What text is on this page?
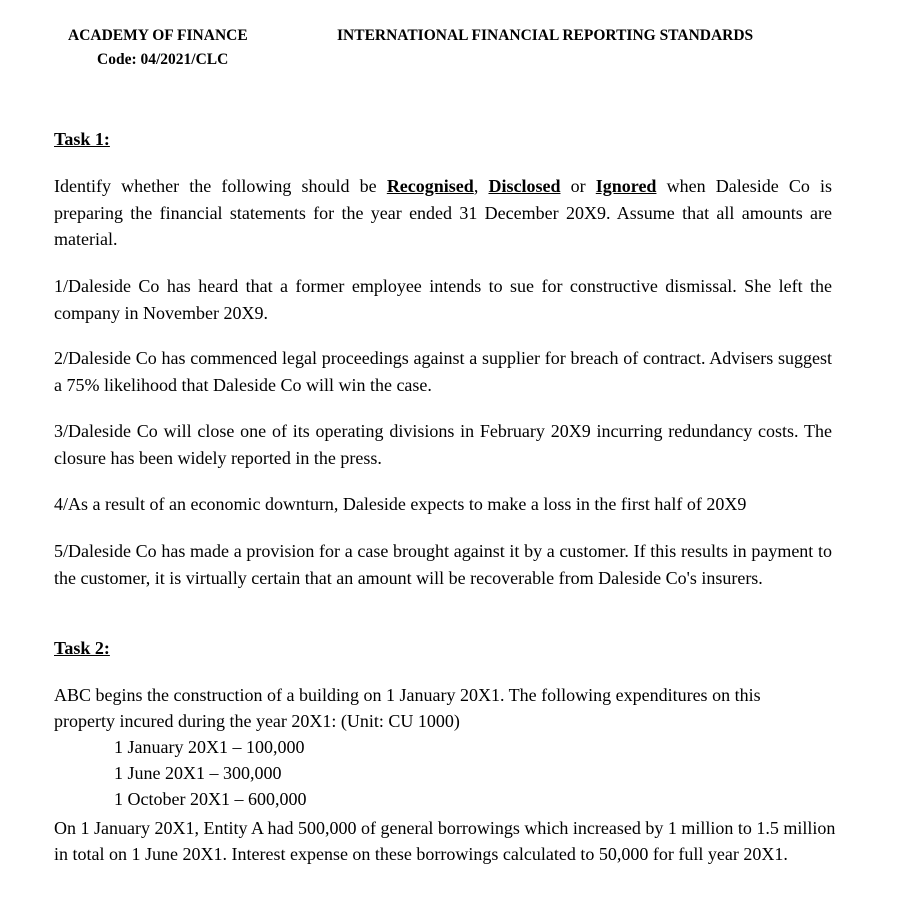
ACADEMY OF FINANCE
Code: 04/2021/CLC
INTERNATIONAL FINANCIAL REPORTING STANDARDS
Task 1:
Identify whether the following should be Recognised, Disclosed or Ignored when Daleside Co is preparing the financial statements for the year ended 31 December 20X9. Assume that all amounts are material.
1/Daleside Co has heard that a former employee intends to sue for constructive dismissal. She left the company in November 20X9.
2/Daleside Co has commenced legal proceedings against a supplier for breach of contract. Advisers suggest a 75% likelihood that Daleside Co will win the case.
3/Daleside Co will close one of its operating divisions in February 20X9 incurring redundancy costs. The closure has been widely reported in the press.
4/As a result of an economic downturn, Daleside expects to make a loss in the first half of 20X9
5/Daleside Co has made a provision for a case brought against it by a customer. If this results in payment to the customer, it is virtually certain that an amount will be recoverable from Daleside Co's insurers.
Task 2:
ABC begins the construction of a building on 1 January 20X1. The following expenditures on this property incured during the year 20X1: (Unit: CU 1000)
1 January 20X1 – 100,000
1 June 20X1 – 300,000
1 October 20X1 – 600,000
On 1 January 20X1, Entity A had 500,000 of general borrowings which increased by 1 million to 1.5 million in total on 1 June 20X1. Interest expense on these borrowings calculated to 50,000 for full year 20X1.
